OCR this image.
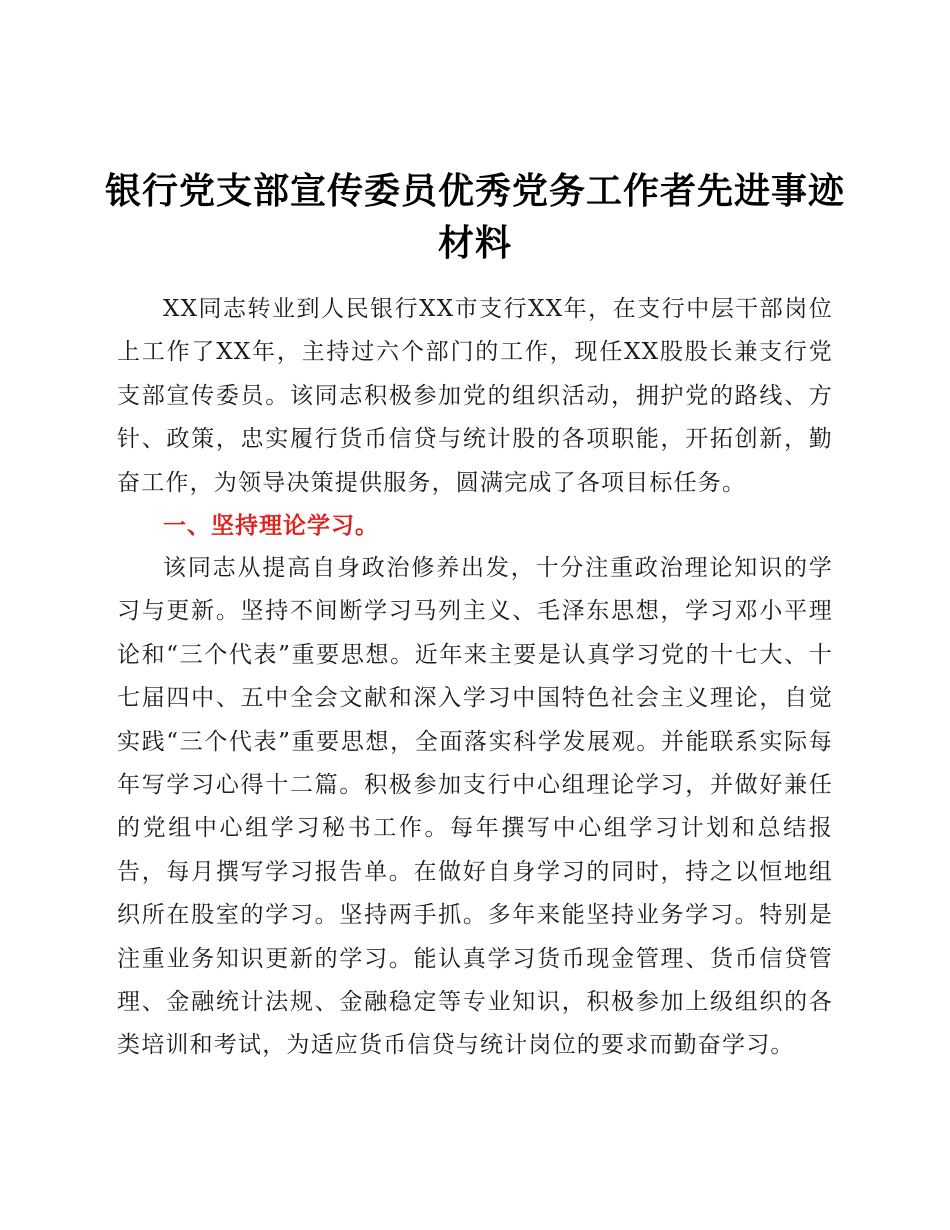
银行党支部宣传委员优秀党务工作者先进事迹材料

XX同志转业到人民银行XX市支行XX年，在支行中层干部岗位上工作了XX年，主持过六个部门的工作，现任XX股股长兼支行党支部宣传委员。该同志积极参加党的组织活动，拥护党的路线、方针、政策，忠实履行货币信贷与统计股的各项职能，开拓创新，勤奋工作，为领导决策提供服务，圆满完成了各项目标任务。

一、坚持理论学习。

该同志从提高自身政治修养出发，十分注重政治理论知识的学习与更新。坚持不间断学习马列主义、毛泽东思想，学习邓小平理论和“三个代表”重要思想。近年来主要是认真学习党的十七大、十七届四中、五中全会文献和深入学习中国特色社会主义理论，自觉实践“三个代表”重要思想，全面落实科学发展观。并能联系实际每年写学习心得十二篇。积极参加支行中心组理论学习，并做好兼任的党组中心组学习秘书工作。每年撰写中心组学习计划和总结报告，每月撰写学习报告单。在做好自身学习的同时，持之以恒地组织所在股室的学习。坚持两手抓。多年来能坚持业务学习。特别是注重业务知识更新的学习。能认真学习货币现金管理、货币信贷管理、金融统计法规、金融稳定等专业知识，积极参加上级组织的各类培训和考试，为适应货币信贷与统计岗位的要求而勤奋学习。
